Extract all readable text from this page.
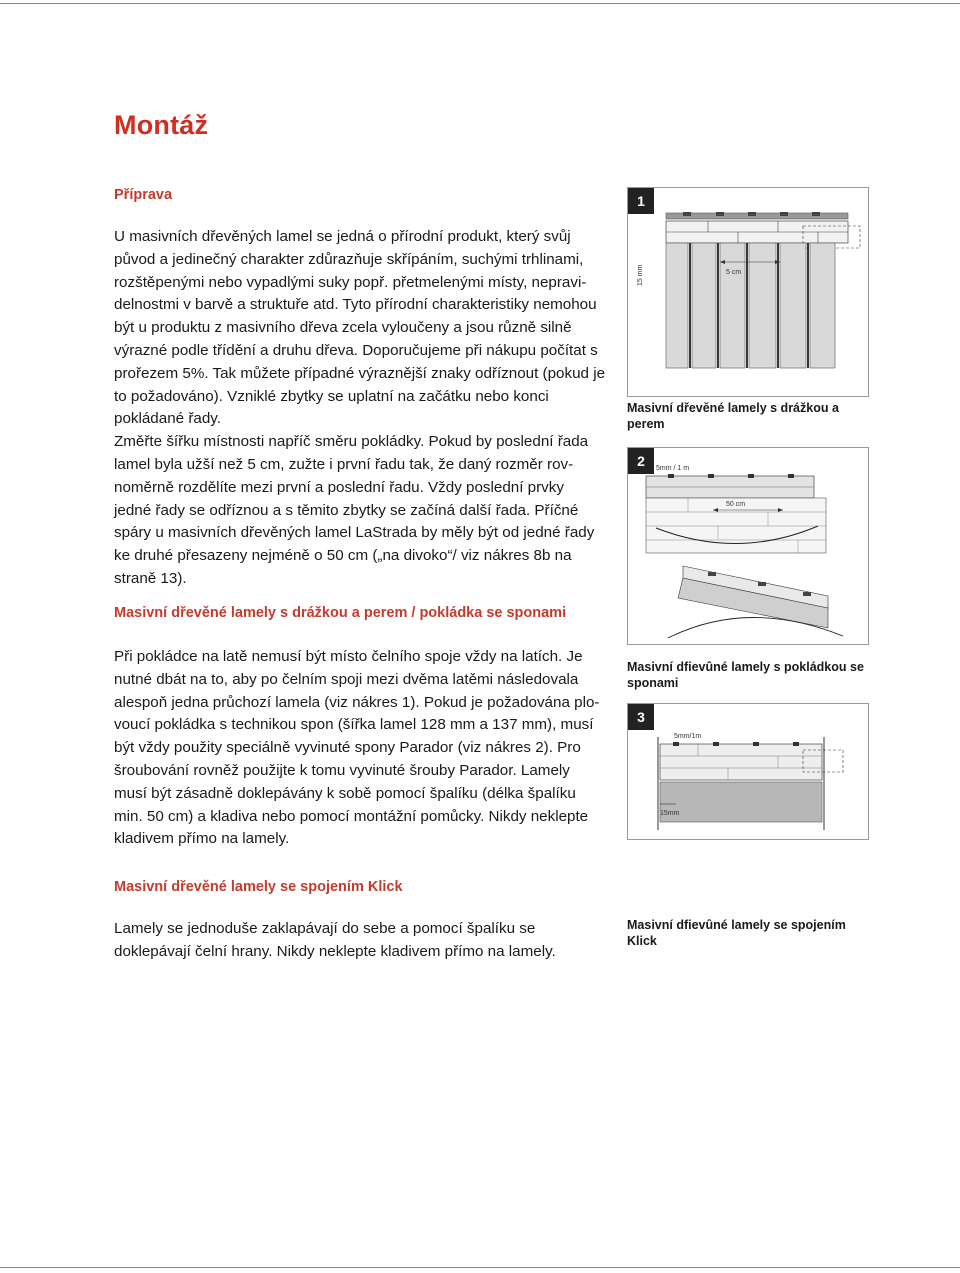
Montáž
Příprava
U masivních dřevěných lamel se jedná o přírodní produkt, který svůj
původ a jedinečný charakter zdůrazňuje skřípáním, suchými trhlinami,
rozštěpenými nebo vypadlými suky popř. přetmelenými místy, nepravi-
delnostmi v barvě a struktuře atd. Tyto přírodní charakteristiky nemohou
být u produktu z masivního dřeva zcela vyloučeny a jsou různě silně
výrazné podle třídění a druhu dřeva. Doporučujeme při nákupu počítat s
prořezem 5%. Tak můžete případné výraznější znaky odříznout (pokud je
to požadováno). Vzniklé zbytky se uplatní na začátku nebo konci
pokládané řady.
Změřte šířku místnosti napříč směru pokládky. Pokud by poslední řada
lamel byla užší než 5 cm, zužte i první řadu tak, že daný rozměr rov-
noměrně rozdělíte mezi první a poslední řadu. Vždy poslední prvky
jedné řady se odříznou a s těmito zbytky se začíná další řada. Příčné
spáry u masivních dřevěných lamel LaStrada by měly být od jedné řady
ke druhé přesazeny nejméně o 50 cm („na divoko“/ viz nákres 8b na
straně 13).
Masivní dřevěné lamely s drážkou a perem / pokládka se sponami
Při pokládce na latě nemusí být místo čelního spoje vždy na latích. Je
nutné dbát na to, aby po čelním spoji mezi dvěma latěmi následovala
alespoň jedna průchozí lamela (viz nákres 1). Pokud je požadována plo-
voucí pokládka s technikou spon (šířka lamel 128 mm a 137 mm), musí
být vždy použity speciálně vyvinuté spony Parador (viz nákres 2). Pro
šroubování rovněž použijte k tomu vyvinuté šrouby Parador. Lamely
musí být zásadně doklepávány k sobě pomocí špalíku (délka špalíku
min. 50 cm) a kladiva nebo pomocí montážní pomůcky. Nikdy neklepte
kladivem přímo na lamely.
Masivní dřevěné lamely se spojením Klick
Lamely se jednoduše zaklapávají do sebe a pomocí špalíku se
doklepávají čelní hrany. Nikdy neklepte kladivem přímo na lamely.
5 cm
15 mm
1

Masivní dřevěné lamely s drážkou a perem

5mm / 1 m
50 cm
2

Masivní dfievûné lamely s pokládkou se sponami

5mm/1m
15mm
3

Masivní dfievûné lamely se spojením Klick
